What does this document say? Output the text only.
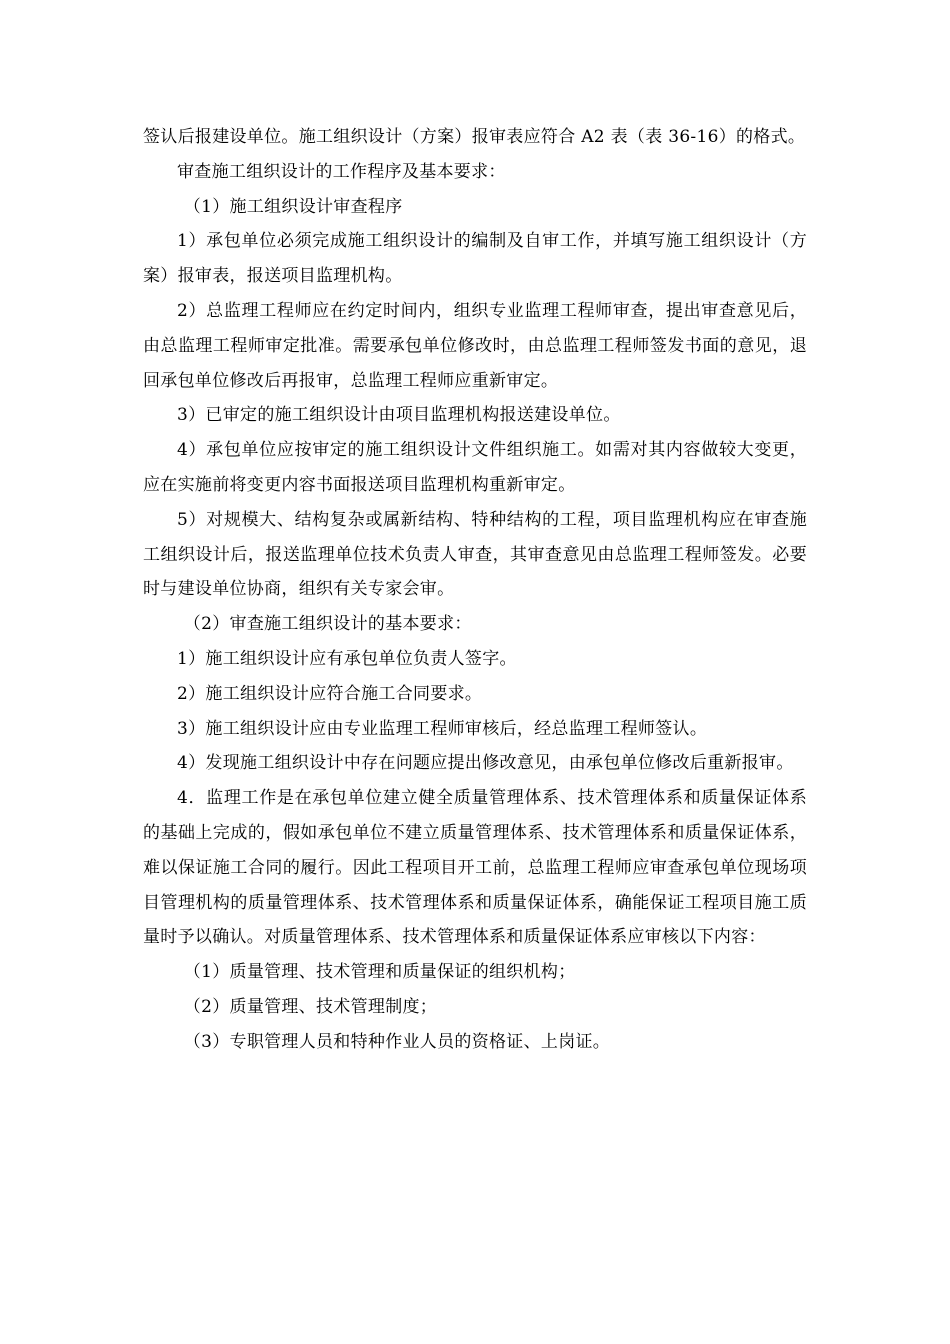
签认后报建设单位。施工组织设计（方案）报审表应符合 A2 表（表 36-16）的格式。

审查施工组织设计的工作程序及基本要求：

（1）施工组织设计审查程序

1）承包单位必须完成施工组织设计的编制及自审工作，并填写施工组织设计（方案）报审表，报送项目监理机构。

2）总监理工程师应在约定时间内，组织专业监理工程师审查，提出审查意见后，由总监理工程师审定批准。需要承包单位修改时，由总监理工程师签发书面的意见，退回承包单位修改后再报审，总监理工程师应重新审定。

3）已审定的施工组织设计由项目监理机构报送建设单位。

4）承包单位应按审定的施工组织设计文件组织施工。如需对其内容做较大变更，应在实施前将变更内容书面报送项目监理机构重新审定。

5）对规模大、结构复杂或属新结构、特种结构的工程，项目监理机构应在审查施工组织设计后，报送监理单位技术负责人审查，其审查意见由总监理工程师签发。必要时与建设单位协商，组织有关专家会审。

（2）审查施工组织设计的基本要求：

1）施工组织设计应有承包单位负责人签字。

2）施工组织设计应符合施工合同要求。

3）施工组织设计应由专业监理工程师审核后，经总监理工程师签认。

4）发现施工组织设计中存在问题应提出修改意见，由承包单位修改后重新报审。

4．监理工作是在承包单位建立健全质量管理体系、技术管理体系和质量保证体系的基础上完成的，假如承包单位不建立质量管理体系、技术管理体系和质量保证体系，难以保证施工合同的履行。因此工程项目开工前，总监理工程师应审查承包单位现场项目管理机构的质量管理体系、技术管理体系和质量保证体系，确能保证工程项目施工质量时予以确认。对质量管理体系、技术管理体系和质量保证体系应审核以下内容：

（1）质量管理、技术管理和质量保证的组织机构；

（2）质量管理、技术管理制度；

（3）专职管理人员和特种作业人员的资格证、上岗证。
